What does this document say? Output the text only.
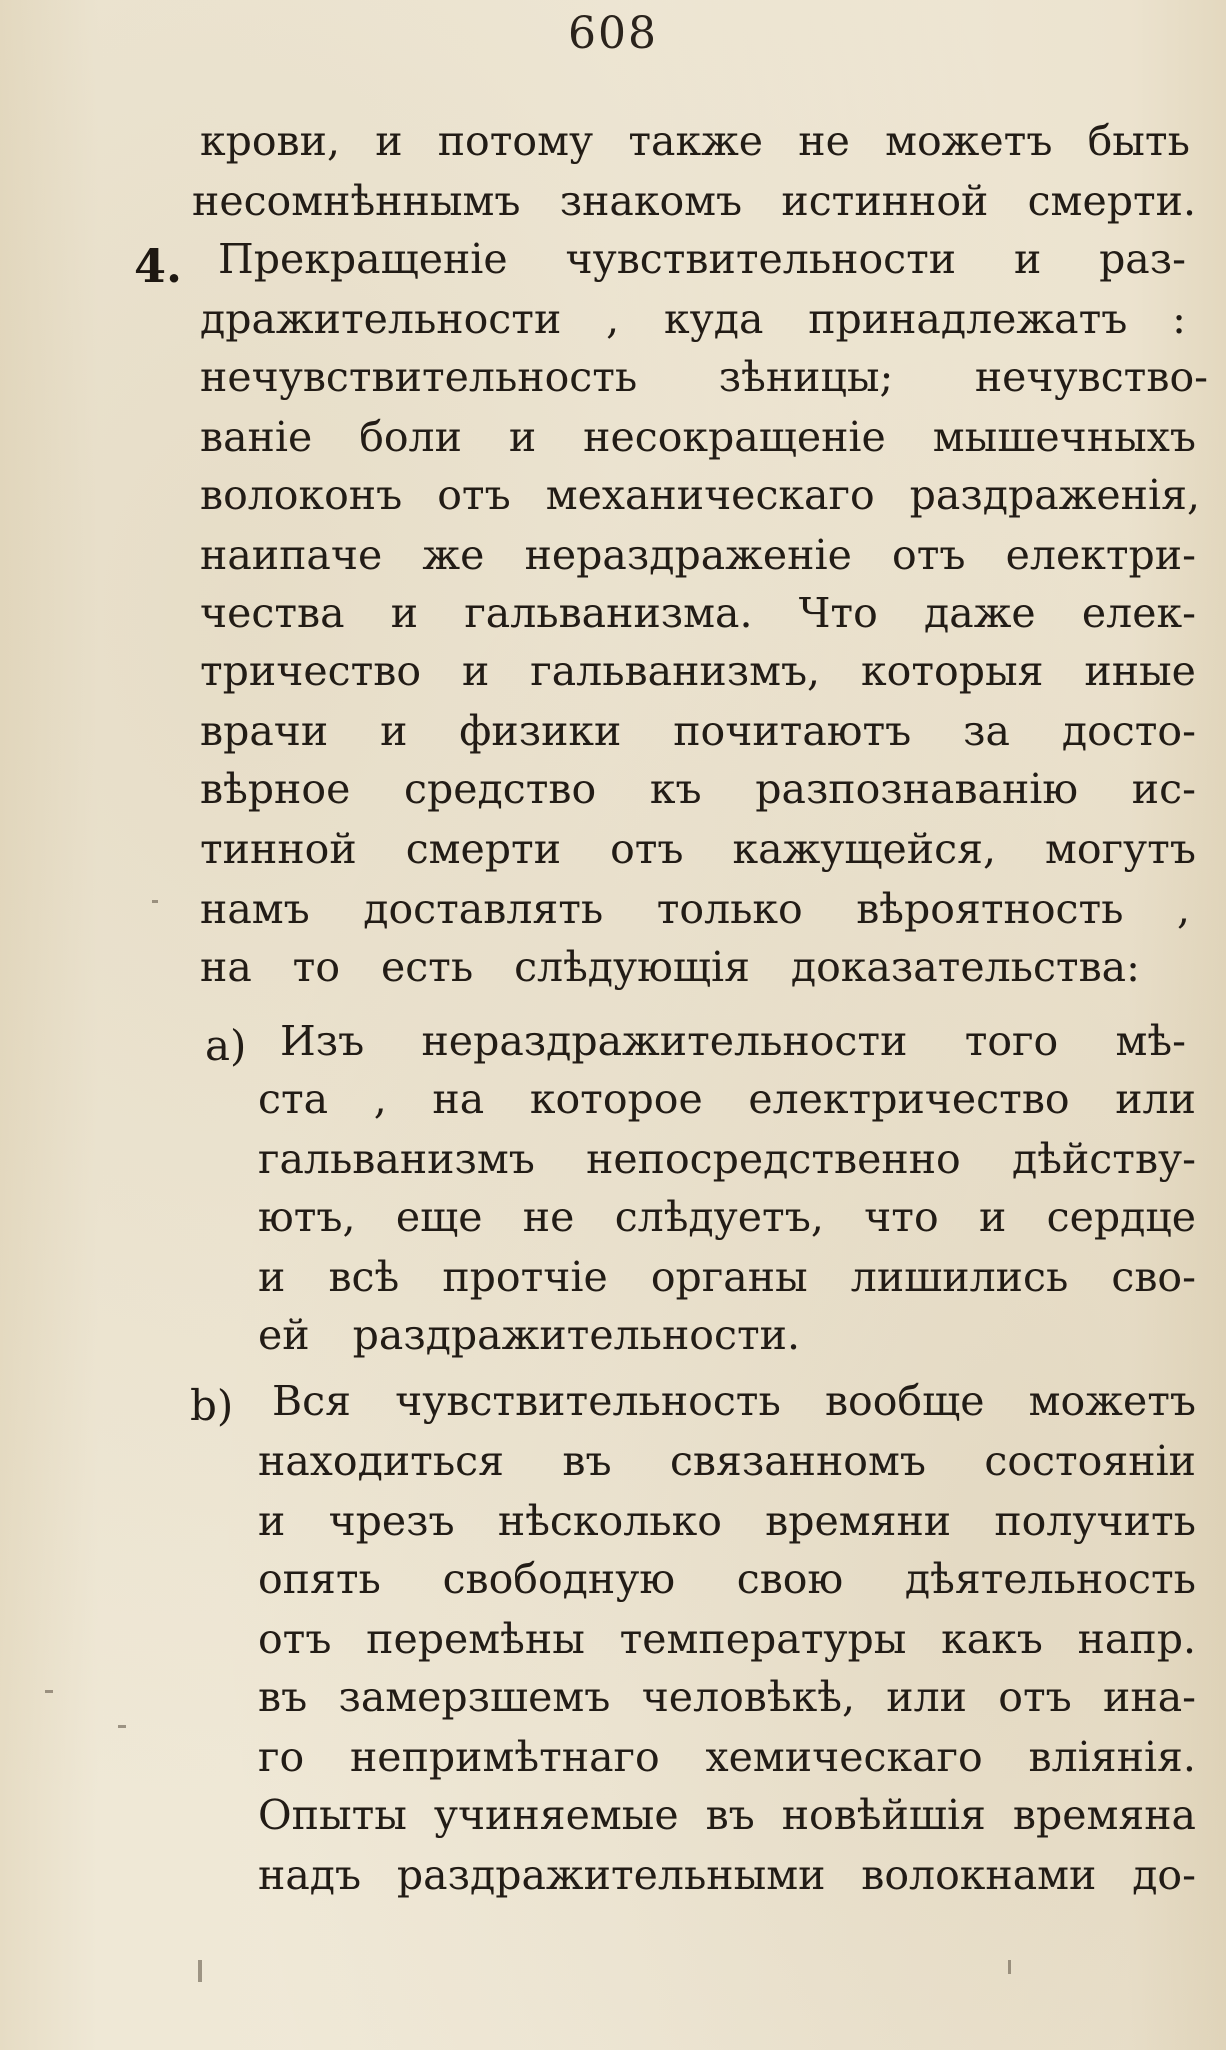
608
крови, и потому также не можетъ быть
несомнѣннымъ знакомъ истинной смерти.
Прекращеніе чувствительности и раз-
дражительности , куда принадлежатъ :
нечувствительность зѣницы; нечувство-
ваніе боли и несокращеніе мышечныхъ
волоконъ отъ механическаго раздраженія,
наипаче же нераздраженіе отъ електри-
чества и гальванизма. Что даже елек-
тричество и гальванизмъ, которыя иные
врачи и физики почитаютъ за досто-
вѣрное средство къ разпознаванію ис-
тинной смерти отъ кажущейся, могутъ
намъ доставлять только вѣроятность ,
на то есть слѣдующія доказательства:
Изъ нераздражительности того мѣ-
ста , на которое електричество или
гальванизмъ непосредственно дѣйству-
ютъ, еще не слѣдуетъ, что и сердце
и всѣ протчіе органы лишились сво-
ей раздражительности.
Вся чувствительность вообще можетъ
находиться въ связанномъ состояніи
и чрезъ нѣсколько времяни получить
опять свободную свою дѣятельность
отъ перемѣны температуры какъ напр.
въ замерзшемъ человѣкѣ, или отъ ина-
го непримѣтнаго хемическаго вліянія.
Опыты учиняемые въ новѣйшія времяна
надъ раздражительными волокнами до-
4.
a)
b)
